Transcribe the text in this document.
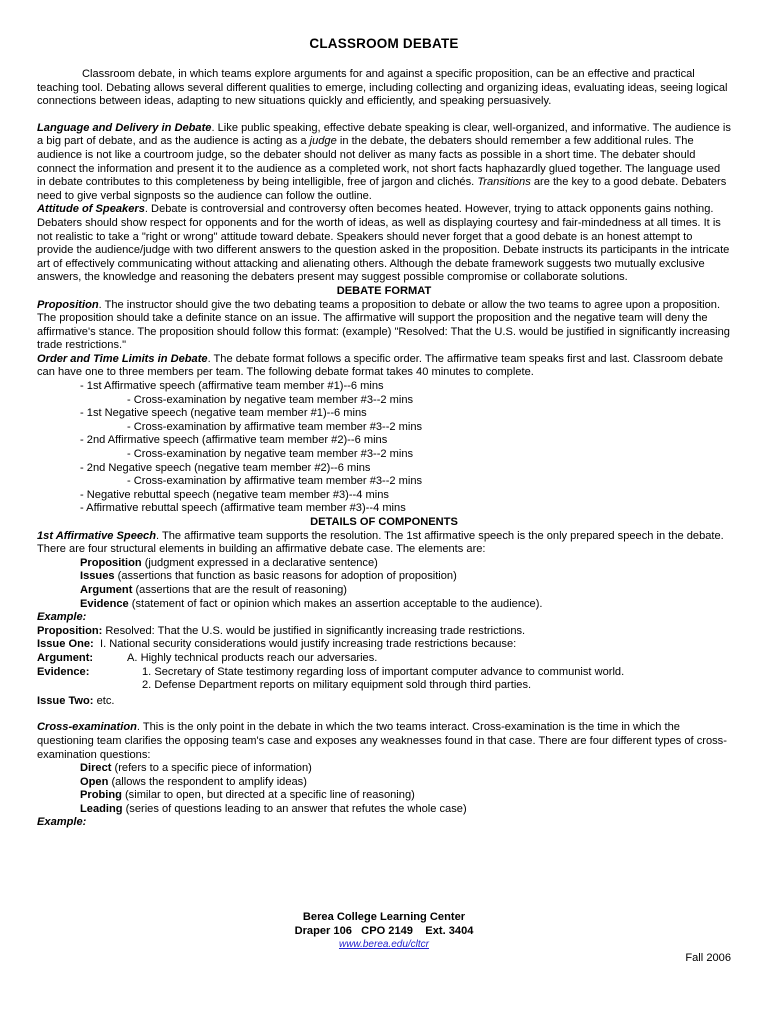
CLASSROOM DEBATE

Classroom debate, in which teams explore arguments for and against a specific proposition, can be an effective and practical teaching tool. Debating allows several different qualities to emerge, including collecting and organizing ideas, evaluating ideas, seeing logical connections between ideas, adapting to new situations quickly and efficiently, and speaking persuasively.

Language and Delivery in Debate. Like public speaking, effective debate speaking is clear, well-organized, and informative. The audience is a big part of debate, and as the audience is acting as a judge in the debate, the debaters should remember a few additional rules. The audience is not like a courtroom judge, so the debater should not deliver as many facts as possible in a short time. The debater should connect the information and present it to the audience as a completed work, not short facts haphazardly glued together. The language used in debate contributes to this completeness by being intelligible, free of jargon and clichés. Transitions are the key to a good debate. Debaters need to give verbal signposts so the audience can follow the outline.

Attitude of Speakers. Debate is controversial and controversy often becomes heated. However, trying to attack opponents gains nothing. Debaters should show respect for opponents and for the worth of ideas, as well as displaying courtesy and fair-mindedness at all times. It is not realistic to take a "right or wrong" attitude toward debate. Speakers should never forget that a good debate is an honest attempt to provide the audience/judge with two different answers to the question asked in the proposition. Debate instructs its participants in the intricate art of effectively communicating without attacking and alienating others. Although the debate framework suggests two mutually exclusive answers, the knowledge and reasoning the debaters present may suggest possible compromise or collaborate solutions.

DEBATE FORMAT

Proposition. The instructor should give the two debating teams a proposition to debate or allow the two teams to agree upon a proposition. The proposition should take a definite stance on an issue. The affirmative will support the proposition and the negative team will deny the affirmative's stance. The proposition should follow this format: (example) "Resolved: That the U.S. would be justified in significantly increasing trade restrictions."

Order and Time Limits in Debate. The debate format follows a specific order. The affirmative team speaks first and last. Classroom debate can have one to three members per team. The following debate format takes 40 minutes to complete.

- 1st Affirmative speech (affirmative team member #1)--6 mins

- Cross-examination by negative team member #3--2 mins

- 1st Negative speech (negative team member #1)--6 mins

- Cross-examination by affirmative team member #3--2 mins

- 2nd Affirmative speech (affirmative team member #2)--6 mins

- Cross-examination by negative team member #3--2 mins

- 2nd Negative speech (negative team member #2)--6 mins

- Cross-examination by affirmative team member #3--2 mins

- Negative rebuttal speech (negative team member #3)--4 mins

- Affirmative rebuttal speech (affirmative team member #3)--4 mins

DETAILS OF COMPONENTS

1st Affirmative Speech. The affirmative team supports the resolution. The 1st affirmative speech is the only prepared speech in the debate. There are four structural elements in building an affirmative debate case. The elements are:

Proposition (judgment expressed in a declarative sentence)

Issues (assertions that function as basic reasons for adoption of proposition)

Argument (assertions that are the result of reasoning)

Evidence (statement of fact or opinion which makes an assertion acceptable to the audience).

Example:

Proposition: Resolved: That the U.S. would be justified in significantly increasing trade restrictions.

Issue One: I. National security considerations would justify increasing trade restrictions because:
Argument:	A. Highly technical products reach our adversaries.
Evidence:	1. Secretary of State testimony regarding loss of important computer advance to communist world.
2. Defense Department reports on military equipment sold through third parties.

Issue Two: etc.

Cross-examination. This is the only point in the debate in which the two teams interact. Cross-examination is the time in which the questioning team clarifies the opposing team's case and exposes any weaknesses found in that case. There are four different types of cross-examination questions:

Direct (refers to a specific piece of information)

Open (allows the respondent to amplify ideas)

Probing (similar to open, but directed at a specific line of reasoning)

Leading (series of questions leading to an answer that refutes the whole case)

Example:

Berea College Learning Center
Draper 106   CPO 2149    Ext. 3404
www.berea.edu/cltcr
Fall 2006
